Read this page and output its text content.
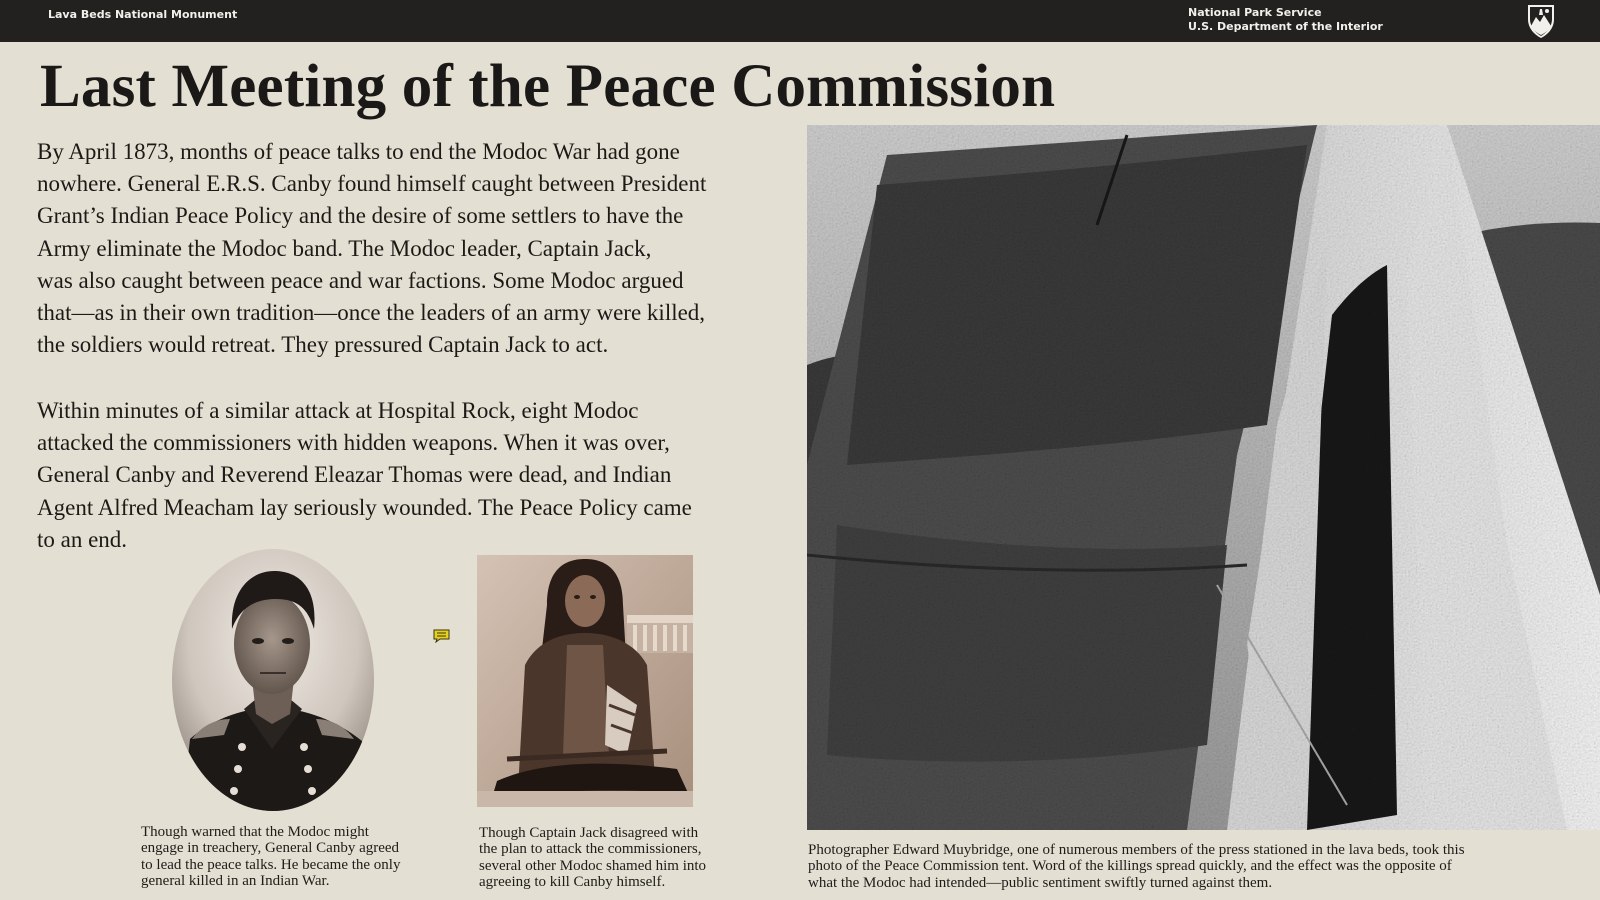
Lava Beds National Monument	National Park Service
U.S. Department of the Interior
Last Meeting of the Peace Commission
By April 1873, months of peace talks to end the Modoc War had gone
nowhere. General E.R.S. Canby found himself caught between President
Grant’s Indian Peace Policy and the desire of some settlers to have the
Army eliminate the Modoc band. The Modoc leader, Captain Jack,
was also caught between peace and war factions. Some Modoc argued
that—as in their own tradition—once the leaders of an army were killed,
the soldiers would retreat. They pressured Captain Jack to act.
Within minutes of a similar attack at Hospital Rock, eight Modoc
attacked the commissioners with hidden weapons. When it was over,
General Canby and Reverend Eleazar Thomas were dead, and Indian
Agent Alfred Meacham lay seriously wounded. The Peace Policy came
to an end.
Though warned that the Modoc might
engage in treachery, General Canby agreed
to lead the peace talks. He became the only
general killed in an Indian War.
Though Captain Jack disagreed with
the plan to attack the commissioners,
several other Modoc shamed him into
agreeing to kill Canby himself.
Photographer Edward Muybridge, one of numerous members of the press stationed in the lava beds, took this
photo of the Peace Commission tent. Word of the killings spread quickly, and the effect was the opposite of
what the Modoc had intended—public sentiment swiftly turned against them.
